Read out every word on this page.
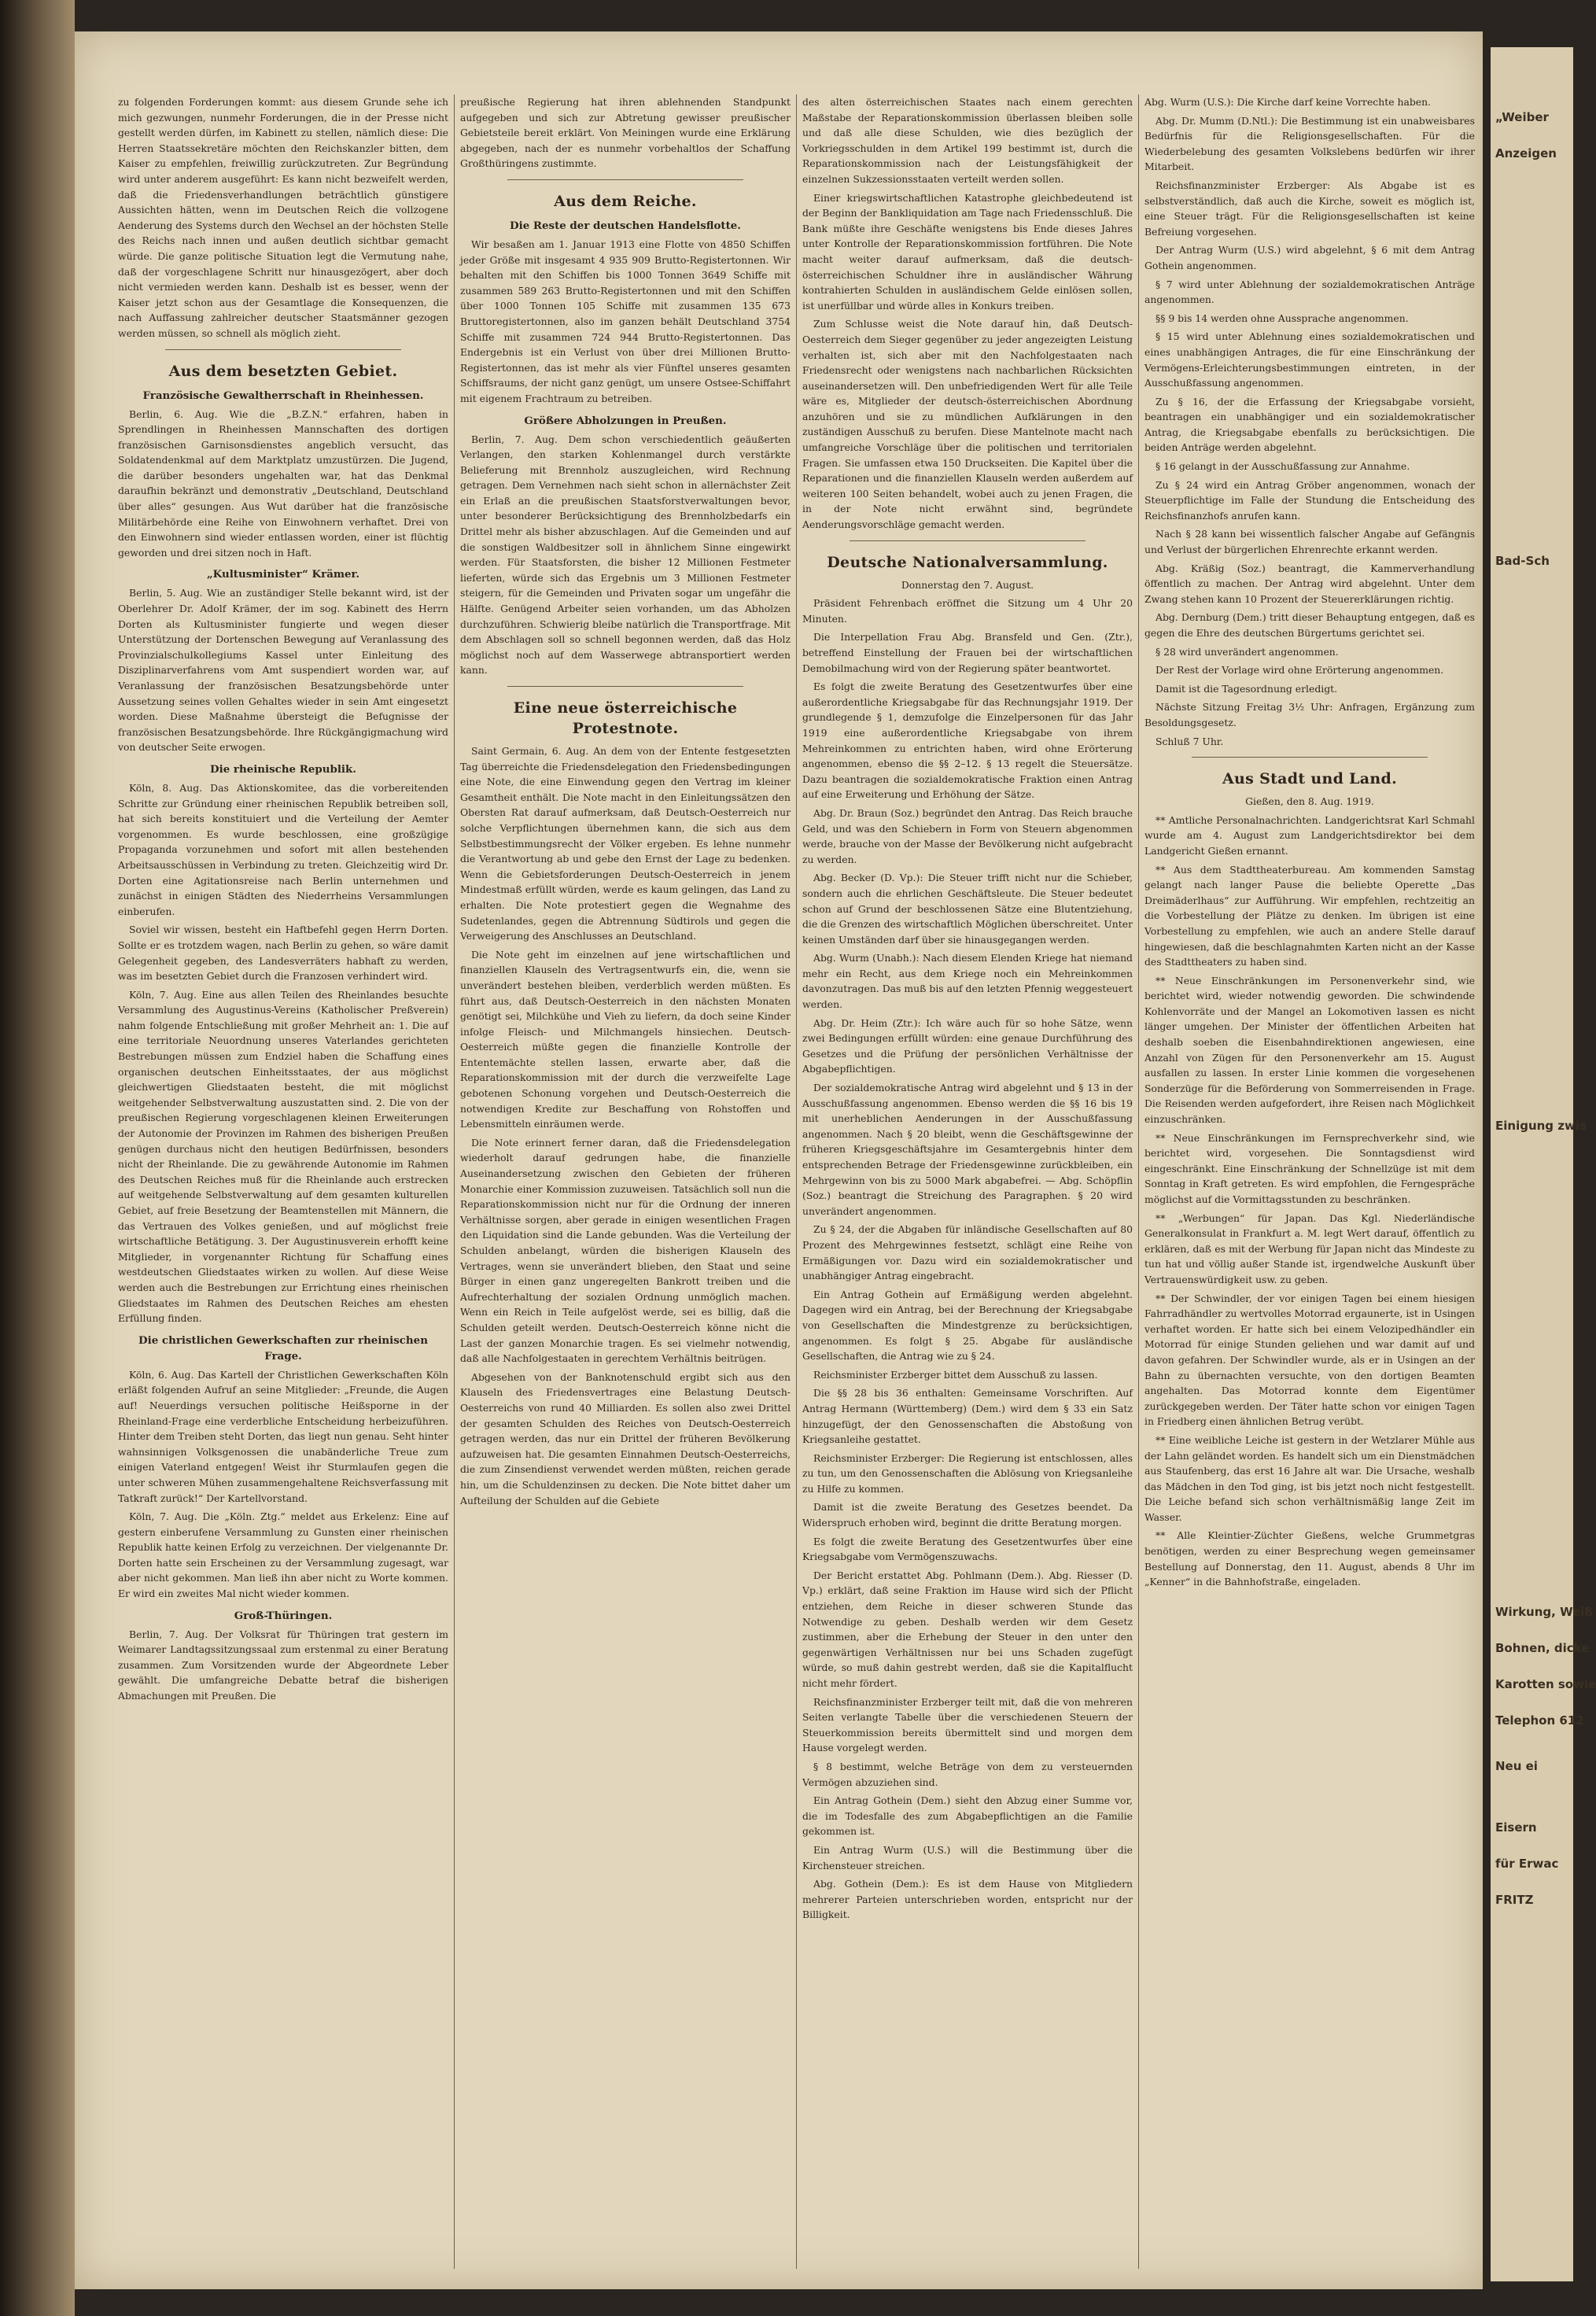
zu folgenden Forderungen kommt: aus diesem Grunde sehe ich mich gezwungen, nunmehr Forderungen, die in der Presse nicht gestellt werden dürfen, im Kabinett zu stellen, nämlich diese: Die Herren Staatssekretäre möchten den Reichskanzler bitten, dem Kaiser zu empfehlen, freiwillig zurückzutreten. Zur Begründung wird unter anderem ausgeführt: Es kann nicht bezweifelt werden, daß die Friedensverhandlungen beträchtlich günstigere Aussichten hätten, wenn im Deutschen Reich die vollzogene Aenderung des Systems durch den Wechsel an der höchsten Stelle des Reichs nach innen und außen deutlich sichtbar gemacht würde. Die ganze politische Situation legt die Vermutung nahe, daß der vorgeschlagene Schritt nur hinausgezögert, aber doch nicht vermieden werden kann. Deshalb ist es besser, wenn der Kaiser jetzt schon aus der Gesamtlage die Konsequenzen, die nach Auffassung zahlreicher deutscher Staatsmänner gezogen werden müssen, so schnell als möglich zieht.

Aus dem besetzten Gebiet.
Französische Gewaltherrschaft in Rheinhessen.

Berlin, 6. Aug. Wie die „B.Z.N.“ erfahren, haben in Sprendlingen in Rheinhessen Mannschaften des dortigen französischen Garnisonsdienstes angeblich versucht, das Soldatendenkmal auf dem Marktplatz umzustürzen. Die Jugend, die darüber besonders ungehalten war, hat das Denkmal daraufhin bekränzt und demonstrativ „Deutschland, Deutschland über alles“ gesungen. Aus Wut darüber hat die französische Militärbehörde eine Reihe von Einwohnern verhaftet. Drei von den Einwohnern sind wieder entlassen worden, einer ist flüchtig geworden und drei sitzen noch in Haft.

„Kultusminister“ Krämer.

Berlin, 5. Aug. Wie an zuständiger Stelle bekannt wird, ist der Oberlehrer Dr. Adolf Krämer, der im sog. Kabinett des Herrn Dorten als Kultusminister fungierte und wegen dieser Unterstützung der Dortenschen Bewegung auf Veranlassung des Provinzialschulkollegiums Kassel unter Einleitung des Disziplinarverfahrens vom Amt suspendiert worden war, auf Veranlassung der französischen Besatzungsbehörde unter Aussetzung seines vollen Gehaltes wieder in sein Amt eingesetzt worden. Diese Maßnahme übersteigt die Befugnisse der französischen Besatzungsbehörde. Ihre Rückgängigmachung wird von deutscher Seite erwogen.

Die rheinische Republik.

Köln, 8. Aug. Das Aktionskomitee, das die vorbereitenden Schritte zur Gründung einer rheinischen Republik betreiben soll, hat sich bereits konstituiert und die Verteilung der Aemter vorgenommen. Es wurde beschlossen, eine großzügige Propaganda vorzunehmen und sofort mit allen bestehenden Arbeitsausschüssen in Verbindung zu treten. Gleichzeitig wird Dr. Dorten eine Agitationsreise nach Berlin unternehmen und zunächst in einigen Städten des Niederrheins Versammlungen einberufen.

Soviel wir wissen, besteht ein Haftbefehl gegen Herrn Dorten. Sollte er es trotzdem wagen, nach Berlin zu gehen, so wäre damit Gelegenheit gegeben, des Landesverräters habhaft zu werden, was im besetzten Gebiet durch die Franzosen verhindert wird.

Köln, 7. Aug. Eine aus allen Teilen des Rheinlandes besuchte Versammlung des Augustinus-Vereins (Katholischer Preßverein) nahm folgende Entschließung mit großer Mehrheit an: 1. Die auf eine territoriale Neuordnung unseres Vaterlandes gerichteten Bestrebungen müssen zum Endziel haben die Schaffung eines organischen deutschen Einheitsstaates, der aus möglichst gleichwertigen Gliedstaaten besteht, die mit möglichst weitgehender Selbstverwaltung auszustatten sind. 2. Die von der preußischen Regierung vorgeschlagenen kleinen Erweiterungen der Autonomie der Provinzen im Rahmen des bisherigen Preußen genügen durchaus nicht den heutigen Bedürfnissen, besonders nicht der Rheinlande. Die zu gewährende Autonomie im Rahmen des Deutschen Reiches muß für die Rheinlande auch erstrecken auf weitgehende Selbstverwaltung auf dem gesamten kulturellen Gebiet, auf freie Besetzung der Beamtenstellen mit Männern, die das Vertrauen des Volkes genießen, und auf möglichst freie wirtschaftliche Betätigung. 3. Der Augustinusverein erhofft keine Mitglieder, in vorgenannter Richtung für Schaffung eines westdeutschen Gliedstaates wirken zu wollen. Auf diese Weise werden auch die Bestrebungen zur Errichtung eines rheinischen Gliedstaates im Rahmen des Deutschen Reiches am ehesten Erfüllung finden.

Die christlichen Gewerkschaften zur rheinischen Frage.

Köln, 6. Aug. Das Kartell der Christlichen Gewerkschaften Köln erläßt folgenden Aufruf an seine Mitglieder: „Freunde, die Augen auf! Neuerdings versuchen politische Heißsporne in der Rheinland-Frage eine verderbliche Entscheidung herbeizuführen. Hinter dem Treiben steht Dorten, das liegt nun genau. Seht hinter wahnsinnigen Volksgenossen die unabänderliche Treue zum einigen Vaterland entgegen! Weist ihr Sturmlaufen gegen die unter schweren Mühen zusammengehaltene Reichsverfassung mit Tatkraft zurück!“ Der Kartellvorstand.

Köln, 7. Aug. Die „Köln. Ztg.“ meldet aus Erkelenz: Eine auf gestern einberufene Versammlung zu Gunsten einer rheinischen Republik hatte keinen Erfolg zu verzeichnen. Der vielgenannte Dr. Dorten hatte sein Erscheinen zu der Versammlung zugesagt, war aber nicht gekommen. Man ließ ihn aber nicht zu Worte kommen. Er wird ein zweites Mal nicht wieder kommen.

Groß-Thüringen.

Berlin, 7. Aug. Der Volksrat für Thüringen trat gestern im Weimarer Landtagssitzungssaal zum erstenmal zu einer Beratung zusammen. Zum Vorsitzenden wurde der Abgeordnete Leber gewählt. Die umfangreiche Debatte betraf die bisherigen Abmachungen mit Preußen. Die

preußische Regierung hat ihren ablehnenden Standpunkt aufgegeben und sich zur Abtretung gewisser preußischer Gebietsteile bereit erklärt. Von Meiningen wurde eine Erklärung abgegeben, nach der es nunmehr vorbehaltlos der Schaffung Großthüringens zustimmte.

Aus dem Reiche.
Die Reste der deutschen Handelsflotte.

Wir besaßen am 1. Januar 1913 eine Flotte von 4850 Schiffen jeder Größe mit insgesamt 4 935 909 Brutto-Registertonnen. Wir behalten mit den Schiffen bis 1000 Tonnen 3649 Schiffe mit zusammen 589 263 Brutto-Registertonnen und mit den Schiffen über 1000 Tonnen 105 Schiffe mit zusammen 135 673 Bruttoregistertonnen, also im ganzen behält Deutschland 3754 Schiffe mit zusammen 724 944 Brutto-Registertonnen. Das Endergebnis ist ein Verlust von über drei Millionen Brutto-Registertonnen, das ist mehr als vier Fünftel unseres gesamten Schiffsraums, der nicht ganz genügt, um unsere Ostsee-Schiffahrt mit eigenem Frachtraum zu betreiben.

Größere Abholzungen in Preußen.

Berlin, 7. Aug. Dem schon verschiedentlich geäußerten Verlangen, den starken Kohlenmangel durch verstärkte Belieferung mit Brennholz auszugleichen, wird Rechnung getragen. Dem Vernehmen nach sieht schon in allernächster Zeit ein Erlaß an die preußischen Staatsforstverwaltungen bevor, unter besonderer Berücksichtigung des Brennholzbedarfs ein Drittel mehr als bisher abzuschlagen. Auf die Gemeinden und auf die sonstigen Waldbesitzer soll in ähnlichem Sinne eingewirkt werden. Für Staatsforsten, die bisher 12 Millionen Festmeter lieferten, würde sich das Ergebnis um 3 Millionen Festmeter steigern, für die Gemeinden und Privaten sogar um ungefähr die Hälfte. Genügend Arbeiter seien vorhanden, um das Abholzen durchzuführen. Schwierig bleibe natürlich die Transportfrage. Mit dem Abschlagen soll so schnell begonnen werden, daß das Holz möglichst noch auf dem Wasserwege abtransportiert werden kann.

Eine neue österreichische Protestnote.

Saint Germain, 6. Aug. An dem von der Entente festgesetzten Tag überreichte die Friedensdelegation den Friedensbedingungen eine Note, die eine Einwendung gegen den Vertrag im kleiner Gesamtheit enthält. Die Note macht in den Einleitungssätzen den Obersten Rat darauf aufmerksam, daß Deutsch-Oesterreich nur solche Verpflichtungen übernehmen kann, die sich aus dem Selbstbestimmungsrecht der Völker ergeben. Es lehne nunmehr die Verantwortung ab und gebe den Ernst der Lage zu bedenken. Wenn die Gebietsforderungen Deutsch-Oesterreich in jenem Mindestmaß erfüllt würden, werde es kaum gelingen, das Land zu erhalten. Die Note protestiert gegen die Wegnahme des Sudetenlandes, gegen die Abtrennung Südtirols und gegen die Verweigerung des Anschlusses an Deutschland.

Die Note geht im einzelnen auf jene wirtschaftlichen und finanziellen Klauseln des Vertragsentwurfs ein, die, wenn sie unverändert bestehen bleiben, verderblich werden müßten. Es führt aus, daß Deutsch-Oesterreich in den nächsten Monaten genötigt sei, Milchkühe und Vieh zu liefern, da doch seine Kinder infolge Fleisch- und Milchmangels hinsiechen. Deutsch-Oesterreich müßte gegen die finanzielle Kontrolle der Ententemächte stellen lassen, erwarte aber, daß die Reparationskommission mit der durch die verzweifelte Lage gebotenen Schonung vorgehen und Deutsch-Oesterreich die notwendigen Kredite zur Beschaffung von Rohstoffen und Lebensmitteln einräumen werde.

Die Note erinnert ferner daran, daß die Friedensdelegation wiederholt darauf gedrungen habe, die finanzielle Auseinandersetzung zwischen den Gebieten der früheren Monarchie einer Kommission zuzuweisen. Tatsächlich soll nun die Reparationskommission nicht nur für die Ordnung der inneren Verhältnisse sorgen, aber gerade in einigen wesentlichen Fragen den Liquidation sind die Lande gebunden. Was die Verteilung der Schulden anbelangt, würden die bisherigen Klauseln des Vertrages, wenn sie unverändert blieben, den Staat und seine Bürger in einen ganz ungeregelten Bankrott treiben und die Aufrechterhaltung der sozialen Ordnung unmöglich machen. Wenn ein Reich in Teile aufgelöst werde, sei es billig, daß die Schulden geteilt werden. Deutsch-Oesterreich könne nicht die Last der ganzen Monarchie tragen. Es sei vielmehr notwendig, daß alle Nachfolgestaaten in gerechtem Verhältnis beitrügen.

Abgesehen von der Banknotenschuld ergibt sich aus den Klauseln des Friedensvertrages eine Belastung Deutsch-Oesterreichs von rund 40 Milliarden. Es sollen also zwei Drittel der gesamten Schulden des Reiches von Deutsch-Oesterreich getragen werden, das nur ein Drittel der früheren Bevölkerung aufzuweisen hat. Die gesamten Einnahmen Deutsch-Oesterreichs, die zum Zinsendienst verwendet werden müßten, reichen gerade hin, um die Schuldenzinsen zu decken. Die Note bittet daher um Aufteilung der Schulden auf die Gebiete

des alten österreichischen Staates nach einem gerechten Maßstabe der Reparationskommission überlassen bleiben solle und daß alle diese Schulden, wie dies bezüglich der Vorkriegsschulden in dem Artikel 199 bestimmt ist, durch die Reparationskommission nach der Leistungsfähigkeit der einzelnen Sukzessionsstaaten verteilt werden sollen.

Einer kriegswirtschaftlichen Katastrophe gleichbedeutend ist der Beginn der Bankliquidation am Tage nach Friedensschluß. Die Bank müßte ihre Geschäfte wenigstens bis Ende dieses Jahres unter Kontrolle der Reparationskommission fortführen. Die Note macht weiter darauf aufmerksam, daß die deutsch-österreichischen Schuldner ihre in ausländischer Währung kontrahierten Schulden in ausländischem Gelde einlösen sollen, ist unerfüllbar und würde alles in Konkurs treiben.

Zum Schlusse weist die Note darauf hin, daß Deutsch-Oesterreich dem Sieger gegenüber zu jeder angezeigten Leistung verhalten ist, sich aber mit den Nachfolgestaaten nach Friedensrecht oder wenigstens nach nachbarlichen Rücksichten auseinandersetzen will. Den unbefriedigenden Wert für alle Teile wäre es, Mitglieder der deutsch-österreichischen Abordnung anzuhören und sie zu mündlichen Aufklärungen in den zuständigen Ausschuß zu berufen. Diese Mantelnote macht nach umfangreiche Vorschläge über die politischen und territorialen Fragen. Sie umfassen etwa 150 Druckseiten. Die Kapitel über die Reparationen und die finanziellen Klauseln werden außerdem auf weiteren 100 Seiten behandelt, wobei auch zu jenen Fragen, die in der Note nicht erwähnt sind, begründete Aenderungsvorschläge gemacht werden.

Deutsche Nationalversammlung.

Donnerstag den 7. August.

Präsident Fehrenbach eröffnet die Sitzung um 4 Uhr 20 Minuten.

Die Interpellation Frau Abg. Bransfeld und Gen. (Ztr.), betreffend Einstellung der Frauen bei der wirtschaftlichen Demobilmachung wird von der Regierung später beantwortet.

Es folgt die zweite Beratung des Gesetzentwurfes über eine außerordentliche Kriegsabgabe für das Rechnungsjahr 1919. Der grundlegende § 1, demzufolge die Einzelpersonen für das Jahr 1919 eine außerordentliche Kriegsabgabe von ihrem Mehreinkommen zu entrichten haben, wird ohne Erörterung angenommen, ebenso die §§ 2–12. § 13 regelt die Steuersätze. Dazu beantragen die sozialdemokratische Fraktion einen Antrag auf eine Erweiterung und Erhöhung der Sätze.

Abg. Dr. Braun (Soz.) begründet den Antrag. Das Reich brauche Geld, und was den Schiebern in Form von Steuern abgenommen werde, brauche von der Masse der Bevölkerung nicht aufgebracht zu werden.

Abg. Becker (D. Vp.): Die Steuer trifft nicht nur die Schieber, sondern auch die ehrlichen Geschäftsleute. Die Steuer bedeutet schon auf Grund der beschlossenen Sätze eine Blutentziehung, die die Grenzen des wirtschaftlich Möglichen überschreitet. Unter keinen Umständen darf über sie hinausgegangen werden.

Abg. Wurm (Unabh.): Nach diesem Elenden Kriege hat niemand mehr ein Recht, aus dem Kriege noch ein Mehreinkommen davonzutragen. Das muß bis auf den letzten Pfennig weggesteuert werden.

Abg. Dr. Heim (Ztr.): Ich wäre auch für so hohe Sätze, wenn zwei Bedingungen erfüllt würden: eine genaue Durchführung des Gesetzes und die Prüfung der persönlichen Verhältnisse der Abgabepflichtigen.

Der sozialdemokratische Antrag wird abgelehnt und § 13 in der Ausschußfassung angenommen. Ebenso werden die §§ 16 bis 19 mit unerheblichen Aenderungen in der Ausschußfassung angenommen. Nach § 20 bleibt, wenn die Geschäftsgewinne der früheren Kriegsgeschäftsjahre im Gesamtergebnis hinter dem entsprechenden Betrage der Friedensgewinne zurückbleiben, ein Mehrgewinn von bis zu 5000 Mark abgabefrei. — Abg. Schöpflin (Soz.) beantragt die Streichung des Paragraphen. § 20 wird unverändert angenommen.

Zu § 24, der die Abgaben für inländische Gesellschaften auf 80 Prozent des Mehrgewinnes festsetzt, schlägt eine Reihe von Ermäßigungen vor. Dazu wird ein sozialdemokratischer und unabhängiger Antrag eingebracht.

Ein Antrag Gothein auf Ermäßigung werden abgelehnt. Dagegen wird ein Antrag, bei der Berechnung der Kriegsabgabe von Gesellschaften die Mindestgrenze zu berücksichtigen, angenommen. Es folgt § 25. Abgabe für ausländische Gesellschaften, die Antrag wie zu § 24.

Reichsminister Erzberger bittet dem Ausschuß zu lassen.

Die §§ 28 bis 36 enthalten: Gemeinsame Vorschriften. Auf Antrag Hermann (Württemberg) (Dem.) wird dem § 33 ein Satz hinzugefügt, der den Genossenschaften die Abstoßung von Kriegsanleihe gestattet.

Reichsminister Erzberger: Die Regierung ist entschlossen, alles zu tun, um den Genossenschaften die Ablösung von Kriegsanleihe zu Hilfe zu kommen.

Damit ist die zweite Beratung des Gesetzes beendet. Da Widerspruch erhoben wird, beginnt die dritte Beratung morgen.

Es folgt die zweite Beratung des Gesetzentwurfes über eine Kriegsabgabe vom Vermögenszuwachs.

Der Bericht erstattet Abg. Pohlmann (Dem.). Abg. Riesser (D. Vp.) erklärt, daß seine Fraktion im Hause wird sich der Pflicht entziehen, dem Reiche in dieser schweren Stunde das Notwendige zu geben. Deshalb werden wir dem Gesetz zustimmen, aber die Erhebung der Steuer in den unter den gegenwärtigen Verhältnissen nur bei uns Schaden zugefügt würde, so muß dahin gestrebt werden, daß sie die Kapitalflucht nicht mehr fördert.

Reichsfinanzminister Erzberger teilt mit, daß die von mehreren Seiten verlangte Tabelle über die verschiedenen Steuern der Steuerkommission bereits übermittelt sind und morgen dem Hause vorgelegt werden.

§ 8 bestimmt, welche Beträge von dem zu versteuernden Vermögen abzuziehen sind.

Ein Antrag Gothein (Dem.) sieht den Abzug einer Summe vor, die im Todesfalle des zum Abgabepflichtigen an die Familie gekommen ist.

Ein Antrag Wurm (U.S.) will die Bestimmung über die Kirchensteuer streichen.

Abg. Gothein (Dem.): Es ist dem Hause von Mitgliedern mehrerer Parteien unterschrieben worden, entspricht nur der Billigkeit.

Abg. Wurm (U.S.): Die Kirche darf keine Vorrechte haben.

Abg. Dr. Mumm (D.Ntl.): Die Bestimmung ist ein unabweisbares Bedürfnis für die Religionsgesellschaften. Für die Wiederbelebung des gesamten Volkslebens bedürfen wir ihrer Mitarbeit.

Reichsfinanzminister Erzberger: Als Abgabe ist es selbstverständlich, daß auch die Kirche, soweit es möglich ist, eine Steuer trägt. Für die Religionsgesellschaften ist keine Befreiung vorgesehen.

Der Antrag Wurm (U.S.) wird abgelehnt, § 6 mit dem Antrag Gothein angenommen.

§ 7 wird unter Ablehnung der sozialdemokratischen Anträge angenommen.

§§ 9 bis 14 werden ohne Aussprache angenommen.

§ 15 wird unter Ablehnung eines sozialdemokratischen und eines unabhängigen Antrages, die für eine Einschränkung der Vermögens-Erleichterungsbestimmungen eintreten, in der Ausschußfassung angenommen.

Zu § 16, der die Erfassung der Kriegsabgabe vorsieht, beantragen ein unabhängiger und ein sozialdemokratischer Antrag, die Kriegsabgabe ebenfalls zu berücksichtigen. Die beiden Anträge werden abgelehnt.

§ 16 gelangt in der Ausschußfassung zur Annahme.

Zu § 24 wird ein Antrag Gröber angenommen, wonach der Steuerpflichtige im Falle der Stundung die Entscheidung des Reichsfinanzhofs anrufen kann.

Nach § 28 kann bei wissentlich falscher Angabe auf Gefängnis und Verlust der bürgerlichen Ehrenrechte erkannt werden.

Abg. Kräßig (Soz.) beantragt, die Kammerverhandlung öffentlich zu machen. Der Antrag wird abgelehnt. Unter dem Zwang stehen kann 10 Prozent der Steuererklärungen richtig.

Abg. Dernburg (Dem.) tritt dieser Behauptung entgegen, daß es gegen die Ehre des deutschen Bürgertums gerichtet sei.

§ 28 wird unverändert angenommen.

Der Rest der Vorlage wird ohne Erörterung angenommen.

Damit ist die Tagesordnung erledigt.

Nächste Sitzung Freitag 3½ Uhr: Anfragen, Ergänzung zum Besoldungsgesetz.

Schluß 7 Uhr.

Aus Stadt und Land.

Gießen, den 8. Aug. 1919.

** Amtliche Personalnachrichten. Landgerichtsrat Karl Schmahl wurde am 4. August zum Landgerichtsdirektor bei dem Landgericht Gießen ernannt.

** Aus dem Stadttheaterbureau. Am kommenden Samstag gelangt nach langer Pause die beliebte Operette „Das Dreimäderlhaus“ zur Aufführung. Wir empfehlen, rechtzeitig an die Vorbestellung der Plätze zu denken. Im übrigen ist eine Vorbestellung zu empfehlen, wie auch an andere Stelle darauf hingewiesen, daß die beschlagnahmten Karten nicht an der Kasse des Stadttheaters zu haben sind.

** Neue Einschränkungen im Personenverkehr sind, wie berichtet wird, wieder notwendig geworden. Die schwindende Kohlenvorräte und der Mangel an Lokomotiven lassen es nicht länger umgehen. Der Minister der öffentlichen Arbeiten hat deshalb soeben die Eisenbahndirektionen angewiesen, eine Anzahl von Zügen für den Personenverkehr am 15. August ausfallen zu lassen. In erster Linie kommen die vorgesehenen Sonderzüge für die Beförderung von Sommerreisenden in Frage. Die Reisenden werden aufgefordert, ihre Reisen nach Möglichkeit einzuschränken.

** Neue Einschränkungen im Fernsprechverkehr sind, wie berichtet wird, vorgesehen. Die Sonntagsdienst wird eingeschränkt. Eine Einschränkung der Schnellzüge ist mit dem Sonntag in Kraft getreten. Es wird empfohlen, die Ferngespräche möglichst auf die Vormittagsstunden zu beschränken.

** „Werbungen“ für Japan. Das Kgl. Niederländische Generalkonsulat in Frankfurt a. M. legt Wert darauf, öffentlich zu erklären, daß es mit der Werbung für Japan nicht das Mindeste zu tun hat und völlig außer Stande ist, irgendwelche Auskunft über Vertrauenswürdigkeit usw. zu geben.

** Der Schwindler, der vor einigen Tagen bei einem hiesigen Fahrradhändler zu wertvolles Motorrad ergaunerte, ist in Usingen verhaftet worden. Er hatte sich bei einem Velozipedhändler ein Motorrad für einige Stunden geliehen und war damit auf und davon gefahren. Der Schwindler wurde, als er in Usingen an der Bahn zu übernachten versuchte, von den dortigen Beamten angehalten. Das Motorrad konnte dem Eigentümer zurückgegeben werden. Der Täter hatte schon vor einigen Tagen in Friedberg einen ähnlichen Betrug verübt.

** Eine weibliche Leiche ist gestern in der Wetzlarer Mühle aus der Lahn geländet worden. Es handelt sich um ein Dienstmädchen aus Staufenberg, das erst 16 Jahre alt war. Die Ursache, weshalb das Mädchen in den Tod ging, ist bis jetzt noch nicht festgestellt. Die Leiche befand sich schon verhältnismäßig lange Zeit im Wasser.

** Alle Kleintier-Züchter Gießens, welche Grummetgras benötigen, werden zu einer Besprechung wegen gemeinsamer Bestellung auf Donnerstag, den 11. August, abends 8 Uhr im „Kenner“ in die Bahnhofstraße, eingeladen.

„Weiber
Anzeigen
Bad-Sch
Einigung zwis
Wirkung, Weiß
Bohnen, dicke
Karotten sowie
Telephon 612
Neu ei
Eisern
für Erwac
FRITZ
